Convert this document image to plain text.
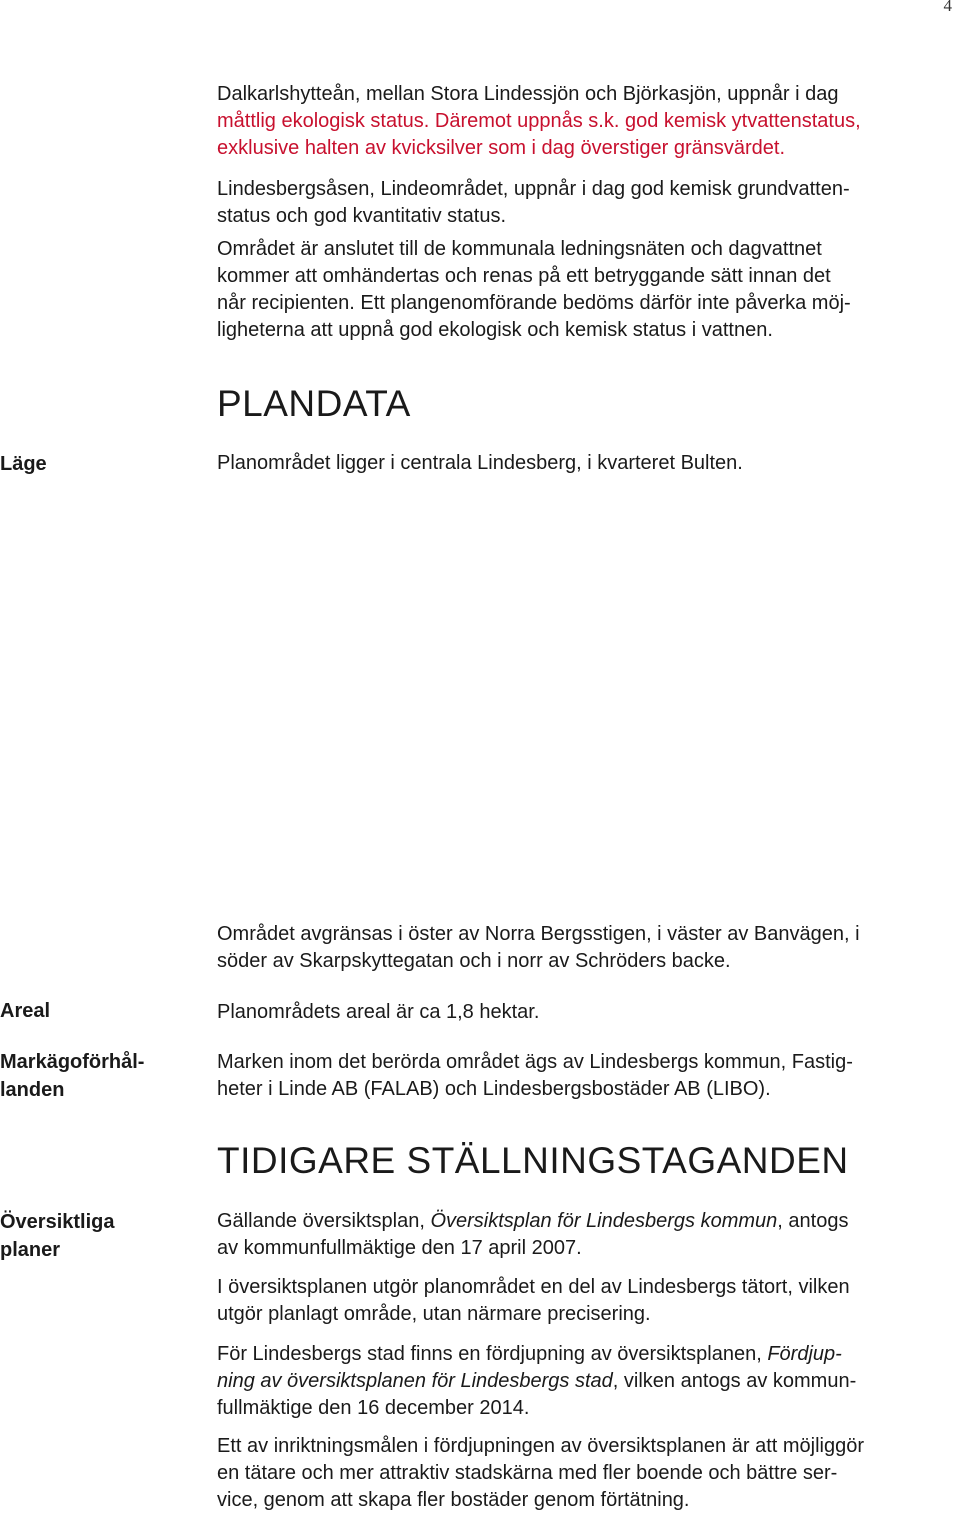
4
Dalkarlshytteån, mellan Stora Lindessjön och Björkasjön, uppnår i dag
måttlig ekologisk status. Däremot uppnås s.k. god kemisk ytvattenstatus,
exklusive halten av kvicksilver som i dag överstiger gränsvärdet.
Lindesbergsåsen, Lindeområdet, uppnår i dag god kemisk grundvatten-
status och god kvantitativ status.
Området är anslutet till de kommunala ledningsnäten och dagvattnet
kommer att omhändertas och renas på ett betryggande sätt innan det
når recipienten. Ett plangenomförande bedöms därför inte påverka möj-
ligheterna att uppnå god ekologisk och kemisk status i vattnen.
PLANDATA
Läge	Planområdet ligger i centrala Lindesberg, i kvarteret Bulten.
Området avgränsas i öster av Norra Bergsstigen, i väster av Banvägen, i
söder av Skarpskyttegatan och i norr av Schröders backe.
Areal	Planområdets areal är ca 1,8 hektar.
Markägoförhål-
landen
Marken inom det berörda området ägs av Lindesbergs kommun, Fastig-
heter i Linde AB (FALAB) och Lindesbergsbostäder AB (LIBO).
TIDIGARE STÄLLNINGSTAGANDEN
Översiktliga
planer
Gällande översiktsplan, Översiktsplan för Lindesbergs kommun, antogs
av kommunfullmäktige den 17 april 2007.
I översiktsplanen utgör planområdet en del av Lindesbergs tätort, vilken
utgör planlagt område, utan närmare precisering.
För Lindesbergs stad finns en fördjupning av översiktsplanen, Fördjup-
ning av översiktsplanen för Lindesbergs stad, vilken antogs av kommun-
fullmäktige den 16 december 2014.
Ett av inriktningsmålen i fördjupningen av översiktsplanen är att möjliggör
en tätare och mer attraktiv stadskärna med fler boende och bättre ser-
vice, genom att skapa fler bostäder genom förtätning.
